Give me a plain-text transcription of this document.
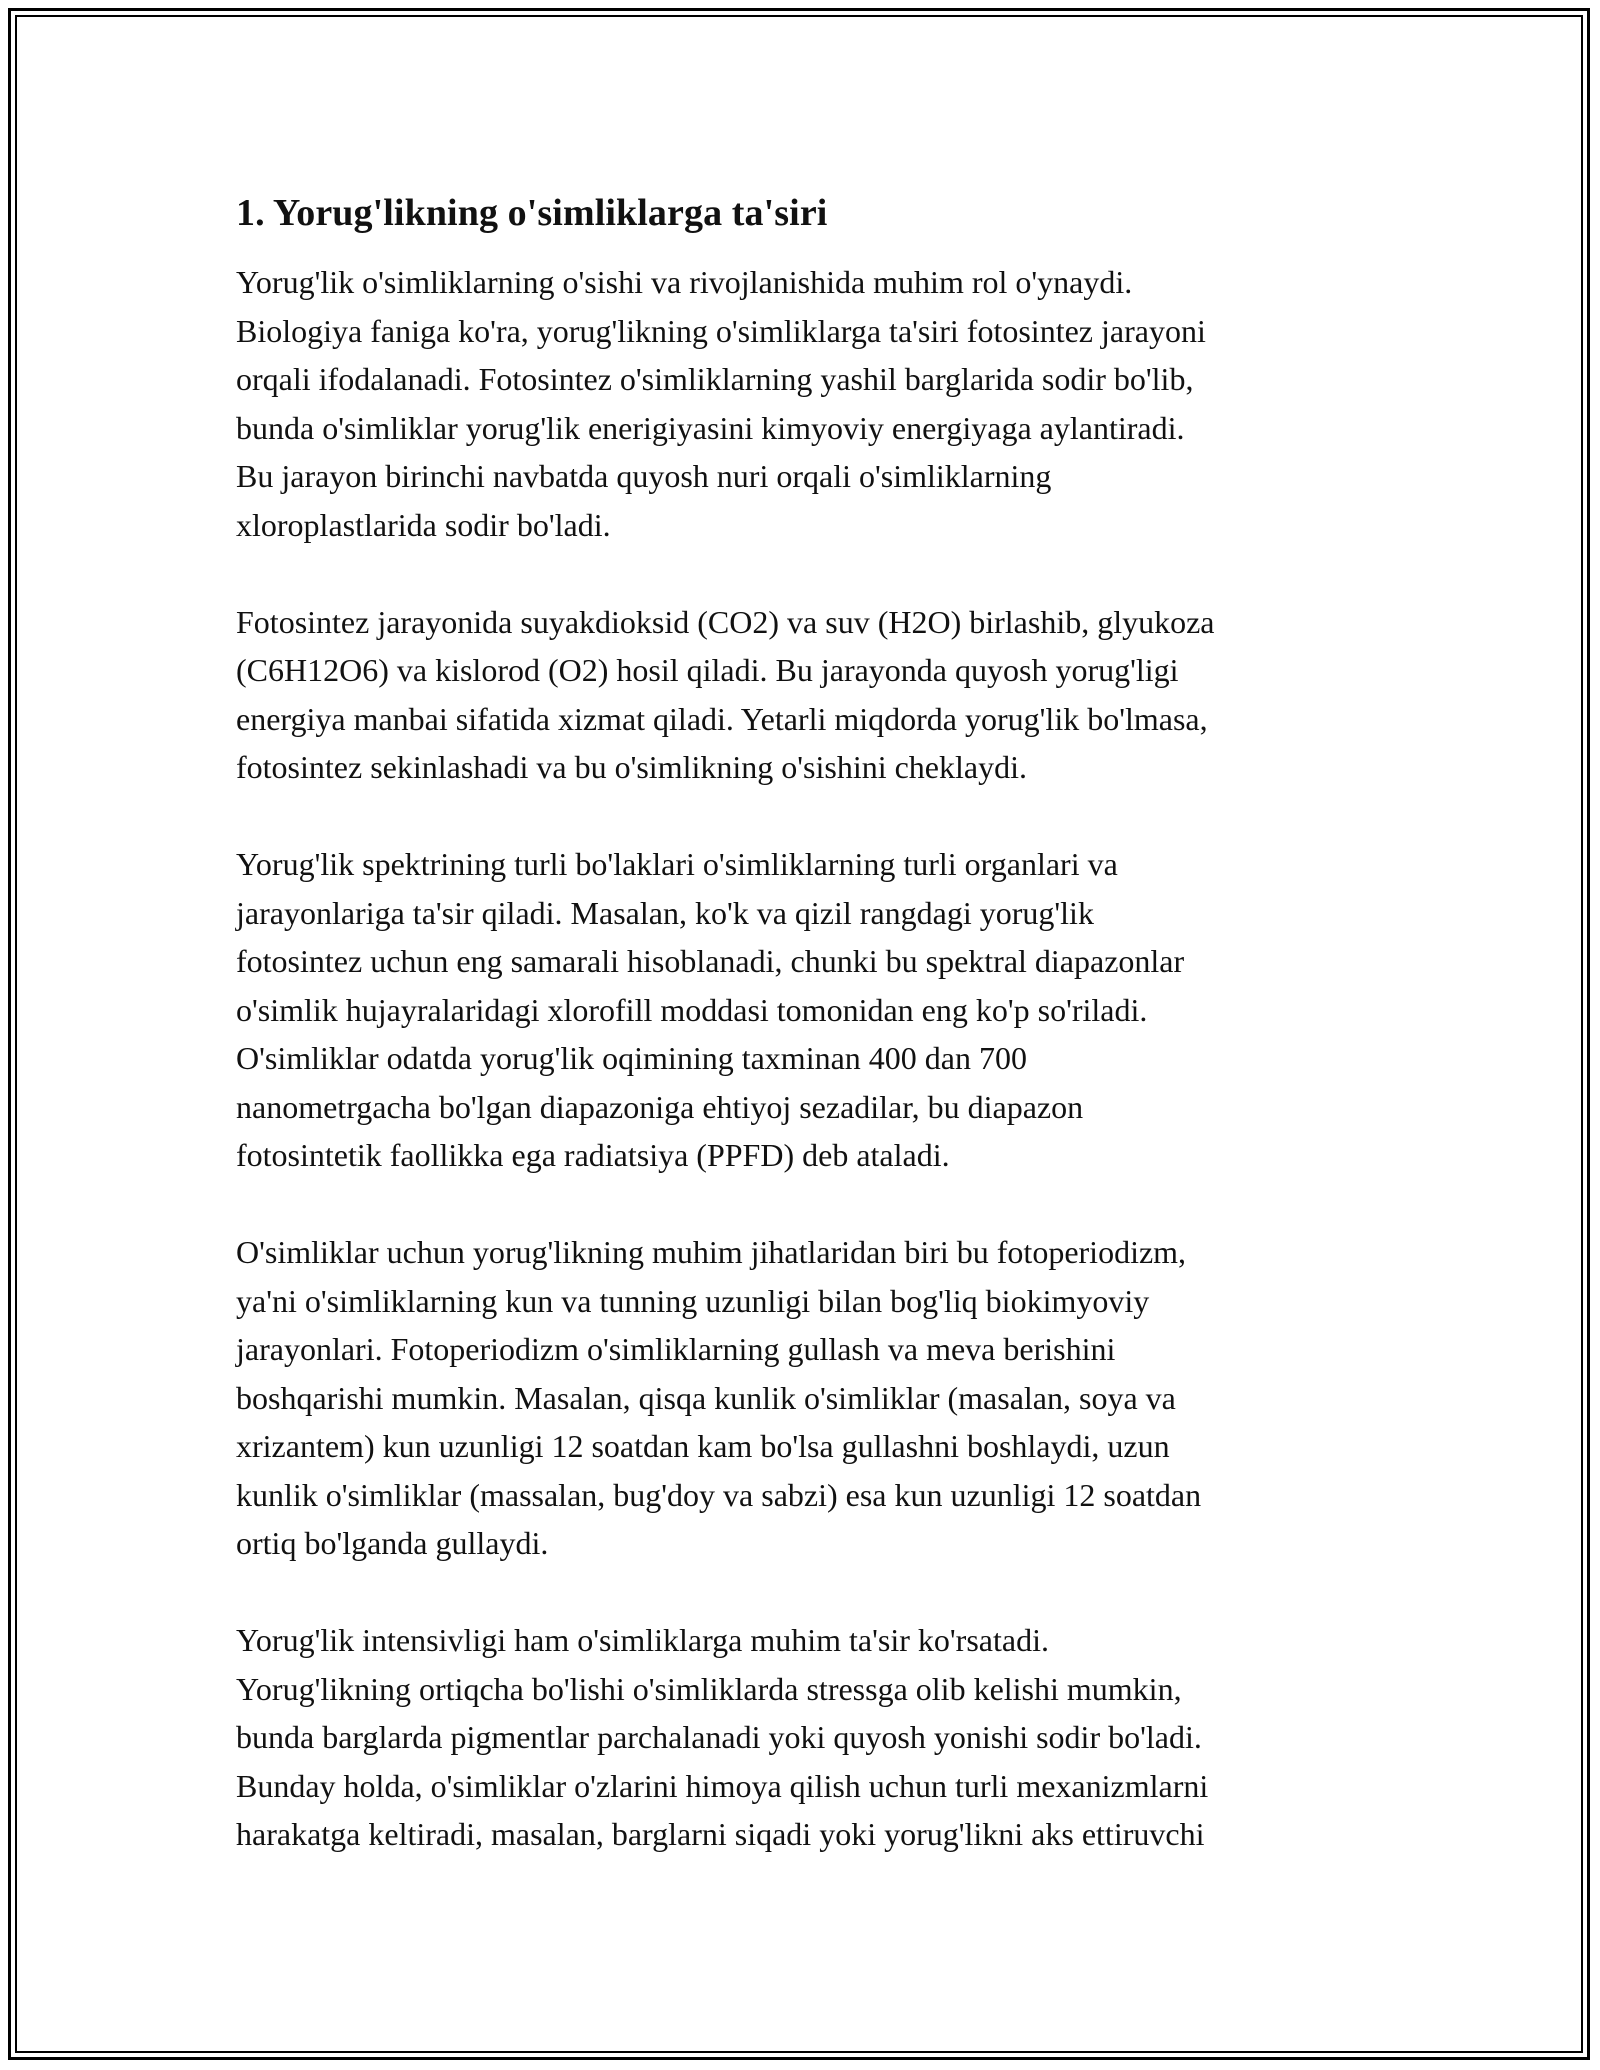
1. Yorug'likning o'simliklarga ta'siri

Yorug'lik o'simliklarning o'sishi va rivojlanishida muhim rol o'ynaydi.
Biologiya faniga ko'ra, yorug'likning o'simliklarga ta'siri fotosintez jarayoni
orqali ifodalanadi. Fotosintez o'simliklarning yashil barglarida sodir bo'lib,
bunda o'simliklar yorug'lik enerigiyasini kimyoviy energiyaga aylantiradi.
Bu jarayon birinchi navbatda quyosh nuri orqali o'simliklarning
xloroplastlarida sodir bo'ladi.

Fotosintez jarayonida suyakdioksid (CO2) va suv (H2O) birlashib, glyukoza
(C6H12O6) va kislorod (O2) hosil qiladi. Bu jarayonda quyosh yorug'ligi
energiya manbai sifatida xizmat qiladi. Yetarli miqdorda yorug'lik bo'lmasa,
fotosintez sekinlashadi va bu o'simlikning o'sishini cheklaydi.

Yorug'lik spektrining turli bo'laklari o'simliklarning turli organlari va
jarayonlariga ta'sir qiladi. Masalan, ko'k va qizil rangdagi yorug'lik
fotosintez uchun eng samarali hisoblanadi, chunki bu spektral diapazonlar
o'simlik hujayralaridagi xlorofill moddasi tomonidan eng ko'p so'riladi.
O'simliklar odatda yorug'lik oqimining taxminan 400 dan 700
nanometrgacha bo'lgan diapazoniga ehtiyoj sezadilar, bu diapazon
fotosintetik faollikka ega radiatsiya (PPFD) deb ataladi.

O'simliklar uchun yorug'likning muhim jihatlaridan biri bu fotoperiodizm,
ya'ni o'simliklarning kun va tunning uzunligi bilan bog'liq biokimyoviy
jarayonlari. Fotoperiodizm o'simliklarning gullash va meva berishini
boshqarishi mumkin. Masalan, qisqa kunlik o'simliklar (masalan, soya va
xrizantem) kun uzunligi 12 soatdan kam bo'lsa gullashni boshlaydi, uzun
kunlik o'simliklar (massalan, bug'doy va sabzi) esa kun uzunligi 12 soatdan
ortiq bo'lganda gullaydi.

Yorug'lik intensivligi ham o'simliklarga muhim ta'sir ko'rsatadi.
Yorug'likning ortiqcha bo'lishi o'simliklarda stressga olib kelishi mumkin,
bunda barglarda pigmentlar parchalanadi yoki quyosh yonishi sodir bo'ladi.
Bunday holda, o'simliklar o'zlarini himoya qilish uchun turli mexanizmlarni
harakatga keltiradi, masalan, barglarni siqadi yoki yorug'likni aks ettiruvchi
